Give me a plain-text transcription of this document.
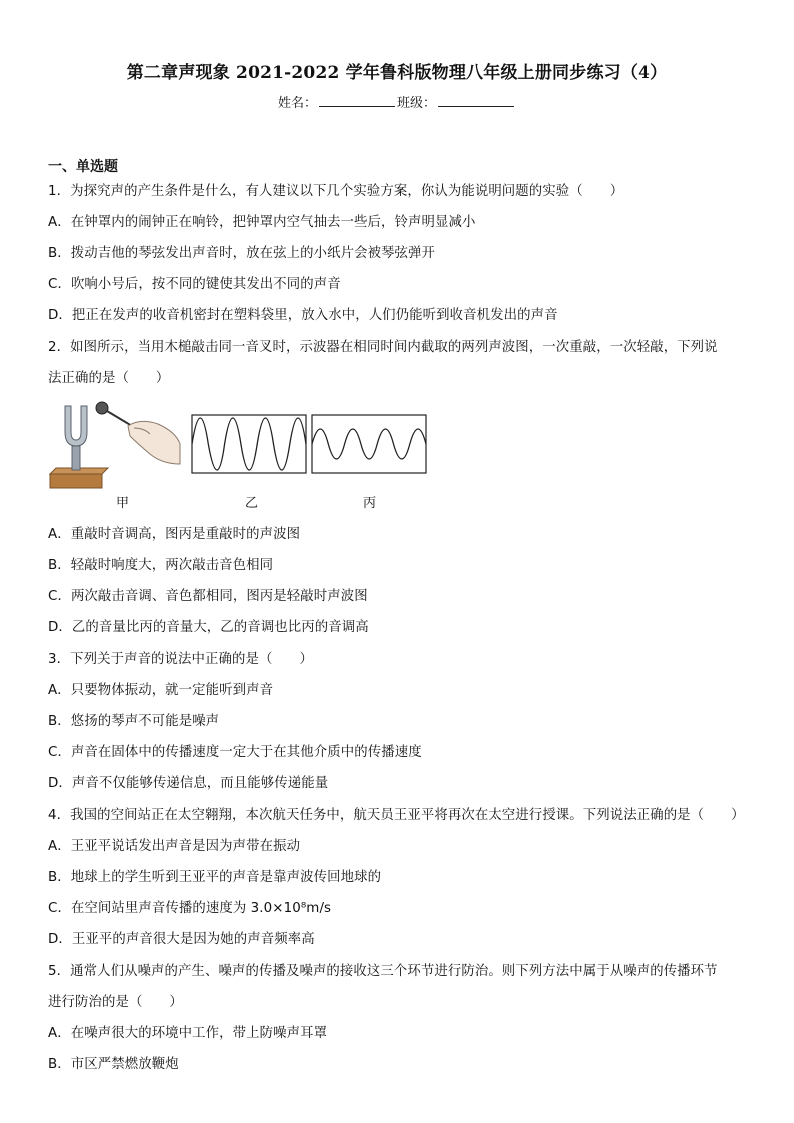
第二章声现象 2021-2022 学年鲁科版物理八年级上册同步练习（4）
姓名：	班级：
一、单选题
1．为探究声的产生条件是什么，有人建议以下几个实验方案，你认为能说明问题的实验（　　）
A．在钟罩内的闹钟正在响铃，把钟罩内空气抽去一些后，铃声明显减小
B．拨动吉他的琴弦发出声音时，放在弦上的小纸片会被琴弦弹开
C．吹响小号后，按不同的键使其发出不同的声音
D．把正在发声的收音机密封在塑料袋里，放入水中，人们仍能听到收音机发出的声音
2．如图所示，当用木槌敲击同一音叉时，示波器在相同时间内截取的两列声波图，一次重敲，一次轻敲，下列说
法正确的是（　　）
甲	乙	丙
A．重敲时音调高，图丙是重敲时的声波图
B．轻敲时响度大，两次敲击音色相同
C．两次敲击音调、音色都相同，图丙是轻敲时声波图
D．乙的音量比丙的音量大，乙的音调也比丙的音调高
3．下列关于声音的说法中正确的是（　　）
A．只要物体振动，就一定能听到声音
B．悠扬的琴声不可能是噪声
C．声音在固体中的传播速度一定大于在其他介质中的传播速度
D．声音不仅能够传递信息，而且能够传递能量
4．我国的空间站正在太空翱翔，本次航天任务中，航天员王亚平将再次在太空进行授课。下列说法正确的是（　　）
A．王亚平说话发出声音是因为声带在振动
B．地球上的学生听到王亚平的声音是靠声波传回地球的
C．在空间站里声音传播的速度为 3.0×10⁸m/s
D．王亚平的声音很大是因为她的声音频率高
5．通常人们从噪声的产生、噪声的传播及噪声的接收这三个环节进行防治。则下列方法中属于从噪声的传播环节
进行防治的是（　　）
A．在噪声很大的环境中工作，带上防噪声耳罩
B．市区严禁燃放鞭炮
